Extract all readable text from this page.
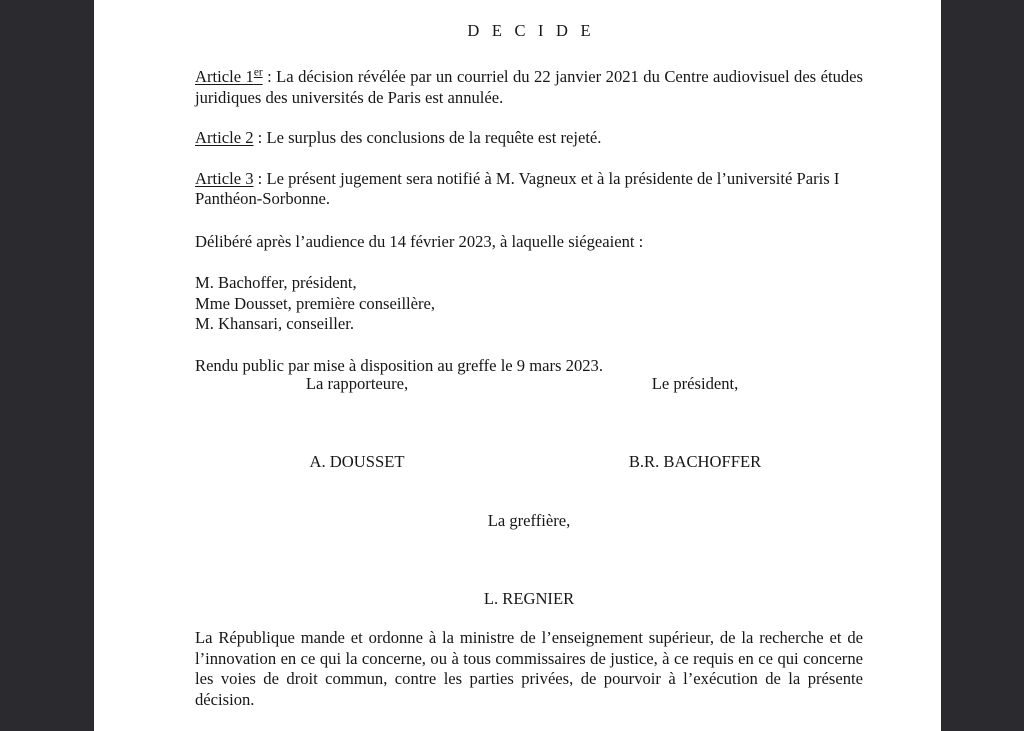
D E C I D E

Article 1er : La décision révélée par un courriel du 22 janvier 2021 du Centre audiovisuel des études juridiques des universités de Paris est annulée.

Article 2 : Le surplus des conclusions de la requête est rejeté.

Article 3 : Le présent jugement sera notifié à M. Vagneux et à la présidente de l’université Paris I Panthéon-Sorbonne.

Délibéré après l’audience du 14 février 2023, à laquelle siégeaient :

M. Bachoffer, président,
Mme Dousset, première conseillère,
M. Khansari, conseiller.

Rendu public par mise à disposition au greffe le 9 mars 2023.

La rapporteure,	Le président,
A. DOUSSET	B.R. BACHOFFER
La greffière,
L. REGNIER

La République mande et ordonne à la ministre de l’enseignement supérieur, de la recherche et de l’innovation en ce qui la concerne, ou à tous commissaires de justice, à ce requis en ce qui concerne les voies de droit commun, contre les parties privées, de pourvoir à l’exécution de la présente décision.
